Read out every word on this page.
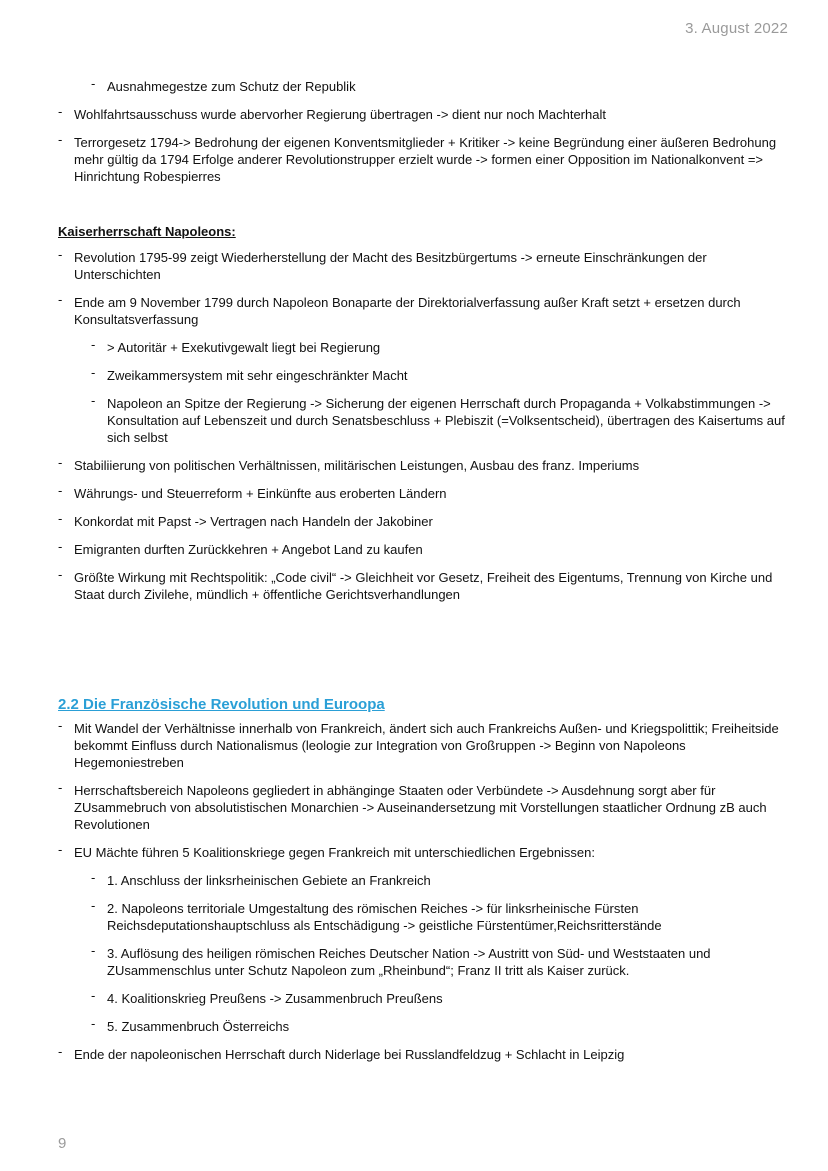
3. August 2022
- Ausnahmegestze zum Schutz der Republik
- Wohlfahrtsausschuss wurde abervorher Regierung übertragen -> dient nur noch Machterhalt
- Terrorgesetz 1794-> Bedrohung der eigenen Konventsmitglieder + Kritiker -> keine Begründung einer äußeren Bedrohung mehr gültig da 1794 Erfolge anderer Revolutionstrupper erzielt wurde -> formen einer Opposition im Nationalkonvent => Hinrichtung Robespierres
Kaiserherrschaft Napoleons:
- Revolution 1795-99 zeigt Wiederherstellung der Macht des Besitzbürgertums -> erneute Einschränkungen der Unterschichten
- Ende am 9 November 1799 durch Napoleon Bonaparte der Direktorialverfassung außer Kraft setzt + ersetzen durch Konsultatsverfassung
- > Autoritär + Exekutivgewalt liegt bei Regierung
- Zweikammersystem mit sehr eingeschränkter Macht
- Napoleon an Spitze der Regierung -> Sicherung der eigenen Herrschaft durch Propaganda + Volkabstimmungen -> Konsultation auf Lebenszeit und durch Senatsbeschluss + Plebiszit (=Volksentscheid), übertragen des Kaisertums auf sich selbst
- Stabiliierung von politischen Verhältnissen, militärischen Leistungen, Ausbau des franz. Imperiums
- Währungs- und Steuerreform + Einkünfte aus eroberten Ländern
- Konkordat mit Papst -> Vertragen nach Handeln der Jakobiner
- Emigranten durften Zurückkehren + Angebot Land zu kaufen
- Größte Wirkung mit Rechtspolitik: „Code civil“ -> Gleichheit vor Gesetz, Freiheit des Eigentums, Trennung von Kirche und Staat durch Zivilehe, mündlich + öffentliche Gerichtsverhandlungen
2.2 Die Französische Revolution und Euroopa
- Mit Wandel der Verhältnisse innerhalb von Frankreich, ändert sich auch Frankreichs Außen- und Kriegspolittik; Freiheitside bekommt Einfluss durch Nationalismus (leologie zur Integration von Großruppen -> Beginn von Napoleons Hegemoniestreben
- Herrschaftsbereich Napoleons gegliedert in abhänginge Staaten oder Verbündete -> Ausdehnung sorgt aber für ZUsammebruch von absolutistischen Monarchien -> Auseinandersetzung mit Vorstellungen staatlicher Ordnung zB auch Revolutionen
- EU Mächte führen 5 Koalitionskriege gegen Frankreich mit unterschiedlichen Ergebnissen:
- 1. Anschluss der linksrheinischen Gebiete an Frankreich
- 2. Napoleons territoriale Umgestaltung des römischen Reiches -> für linksrheinische Fürsten Reichsdeputationshauptschluss als Entschädigung -> geistliche Fürstentümer,Reichsritterstände
- 3. Auflösung des heiligen römischen Reiches Deutscher Nation -> Austritt von Süd- und Weststaaten und ZUsammenschlus unter Schutz Napoleon zum „Rheinbund“; Franz II tritt als Kaiser zurück.
- 4. Koalitionskrieg Preußens -> Zusammenbruch Preußens
- 5. Zusammenbruch Österreichs
- Ende der napoleonischen Herrschaft durch Niderlage bei Russlandfeldzug + Schlacht in Leipzig
9
